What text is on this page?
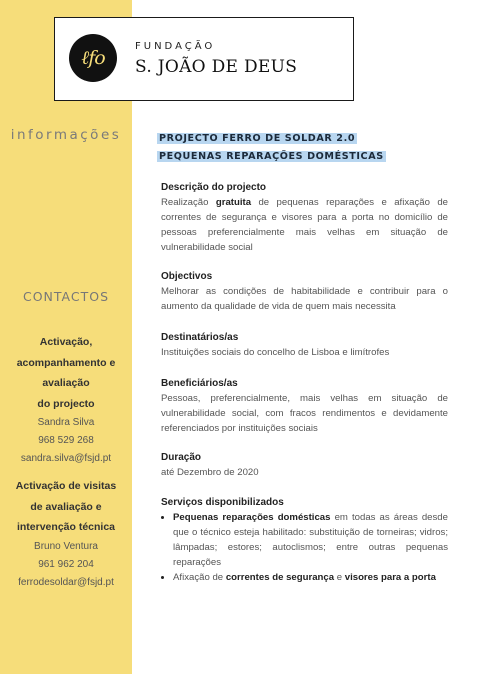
ℓfo	FUNDAÇÃO
S. JOÃO DE DEUS
informações
CONTACTOS
Activação,
acompanhamento e
avaliação
do projecto
Sandra Silva
968 529 268
sandra.silva@fsjd.pt
Activação de visitas
de avaliação e
intervenção técnica
Bruno Ventura
961 962 204
ferrodesoldar@fsjd.pt
PROJECTO FERRO DE SOLDAR 2.0
PEQUENAS REPARAÇÕES DOMÉSTICAS

Descrição do projecto

Realização gratuita de pequenas reparações e afixação de correntes de segurança e visores para a porta no domicílio de pessoas preferencialmente mais velhas em situação de vulnerabilidade social

Objectivos

Melhorar as condições de habitabilidade e contribuir para o aumento da qualidade de vida de quem mais necessita

Destinatários/as

Instituições sociais do concelho de Lisboa e limítrofes

Beneficiários/as

Pessoas, preferencialmente, mais velhas em situação de vulnerabilidade social, com fracos rendimentos e devidamente referenciados por instituições sociais

Duração

até Dezembro de 2020

Serviços disponibilizados

• Pequenas reparações domésticas em todas as áreas desde que o técnico esteja habilitado: substituição de torneiras; vidros; lâmpadas; estores; autoclismos; entre outras pequenas reparações
• Afixação de correntes de segurança e visores para a porta
